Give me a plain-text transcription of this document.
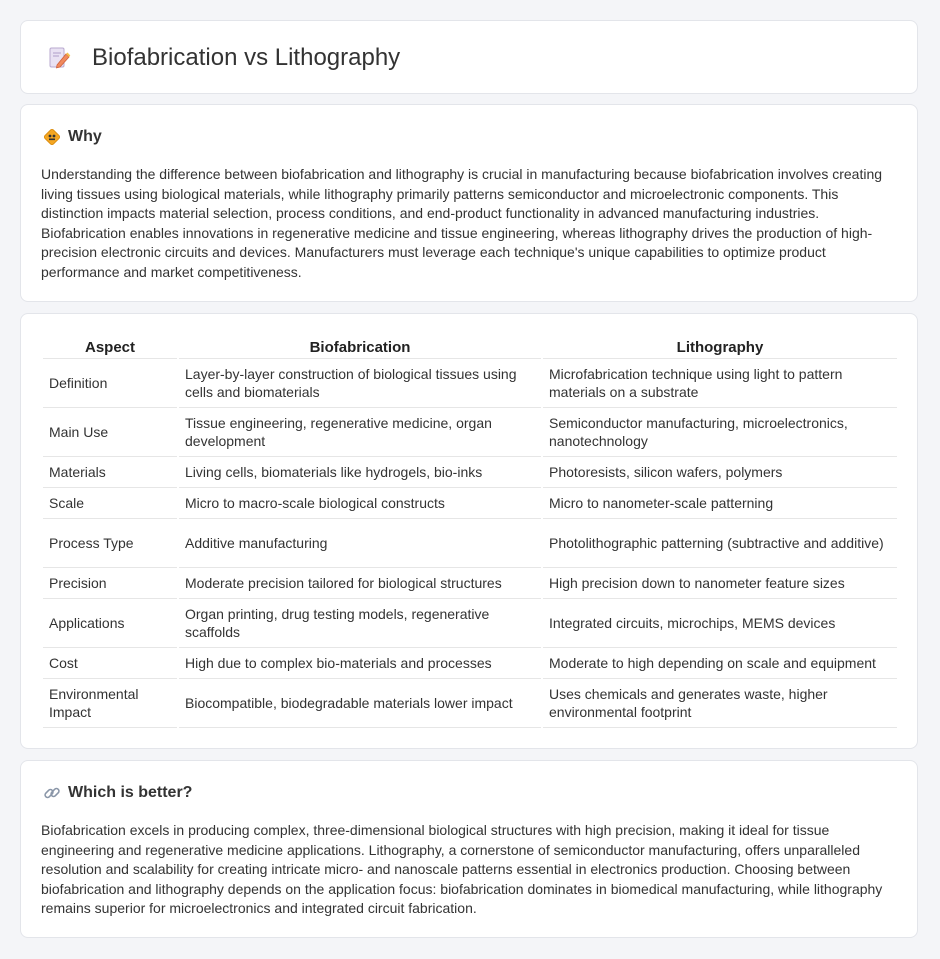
Biofabrication vs Lithography
Why

Understanding the difference between biofabrication and lithography is crucial in manufacturing because biofabrication involves creating living tissues using biological materials, while lithography primarily patterns semiconductor and microelectronic components. This distinction impacts material selection, process conditions, and end-product functionality in advanced manufacturing industries. Biofabrication enables innovations in regenerative medicine and tissue engineering, whereas lithography drives the production of high-precision electronic circuits and devices. Manufacturers must leverage each technique's unique capabilities to optimize product performance and market competitiveness.

Aspect	Biofabrication	Lithography
Definition	Layer-by-layer construction of biological tissues using cells and biomaterials	Microfabrication technique using light to pattern materials on a substrate
Main Use	Tissue engineering, regenerative medicine, organ development	Semiconductor manufacturing, microelectronics, nanotechnology
Materials	Living cells, biomaterials like hydrogels, bio-inks	Photoresists, silicon wafers, polymers
Scale	Micro to macro-scale biological constructs	Micro to nanometer-scale patterning
Process Type	Additive manufacturing	Photolithographic patterning (subtractive and additive)
Precision	Moderate precision tailored for biological structures	High precision down to nanometer feature sizes
Applications	Organ printing, drug testing models, regenerative scaffolds	Integrated circuits, microchips, MEMS devices
Cost	High due to complex bio-materials and processes	Moderate to high depending on scale and equipment
Environmental Impact	Biocompatible, biodegradable materials lower impact	Uses chemicals and generates waste, higher environmental footprint
Which is better?

Biofabrication excels in producing complex, three-dimensional biological structures with high precision, making it ideal for tissue engineering and regenerative medicine applications. Lithography, a cornerstone of semiconductor manufacturing, offers unparalleled resolution and scalability for creating intricate micro- and nanoscale patterns essential in electronics production. Choosing between biofabrication and lithography depends on the application focus: biofabrication dominates in biomedical manufacturing, while lithography remains superior for microelectronics and integrated circuit fabrication.
